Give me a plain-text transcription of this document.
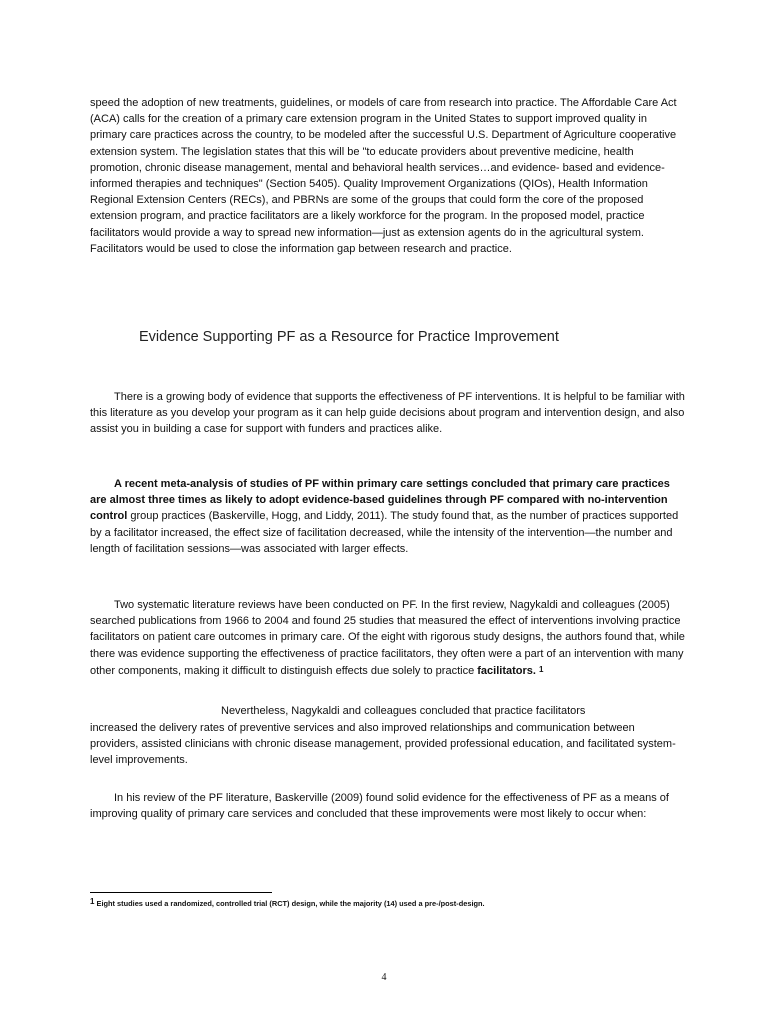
speed the adoption of new treatments, guidelines, or models of care from research into practice. The Affordable Care Act (ACA) calls for the creation of a primary care extension program in the United States to support improved quality in primary care practices across the country, to be modeled after the successful U.S. Department of Agriculture cooperative extension system. The legislation states that this will be "to educate providers about preventive medicine, health promotion, chronic disease management, mental and behavioral health services…and evidence- based and evidence-informed therapies and techniques" (Section 5405). Quality Improvement Organizations (QIOs), Health Information Regional Extension Centers (RECs), and PBRNs are some of the groups that could form the core of the proposed extension program, and practice facilitators are a likely workforce for the program. In the proposed model, practice facilitators would provide a way to spread new information—just as extension agents do in the agricultural system. Facilitators would be used to close the information gap between research and practice.

Evidence Supporting PF as a Resource for Practice Improvement

There is a growing body of evidence that supports the effectiveness of PF interventions. It is helpful to be familiar with this literature as you develop your program as it can help guide decisions about program and intervention design, and also assist you in building a case for support with funders and practices alike.

A recent meta-analysis of studies of PF within primary care settings concluded that primary care practices are almost three times as likely to adopt evidence-based guidelines through PF compared with no-intervention control group practices (Baskerville, Hogg, and Liddy, 2011). The study found that, as the number of practices supported by a facilitator increased, the effect size of facilitation decreased, while the intensity of the intervention—the number and length of facilitation sessions—was associated with larger effects.

Two systematic literature reviews have been conducted on PF. In the first review, Nagykaldi and colleagues (2005) searched publications from 1966 to 2004 and found 25 studies that measured the effect of interventions involving practice facilitators on patient care outcomes in primary care. Of the eight with rigorous study designs, the authors found that, while there was evidence supporting the effectiveness of practice facilitators, they often were a part of an intervention with many other components, making it difficult to distinguish effects due solely to practice facilitators. 1

Nevertheless, Nagykaldi and colleagues concluded that practice facilitators

increased the delivery rates of preventive services and also improved relationships and communication between providers, assisted clinicians with chronic disease management, provided professional education, and facilitated system-level improvements.

In his review of the PF literature, Baskerville (2009) found solid evidence for the effectiveness of PF as a means of improving quality of primary care services and concluded that these improvements were most likely to occur when:

1 Eight studies used a randomized, controlled trial (RCT) design, while the majority (14) used a pre-/post-design.

4
